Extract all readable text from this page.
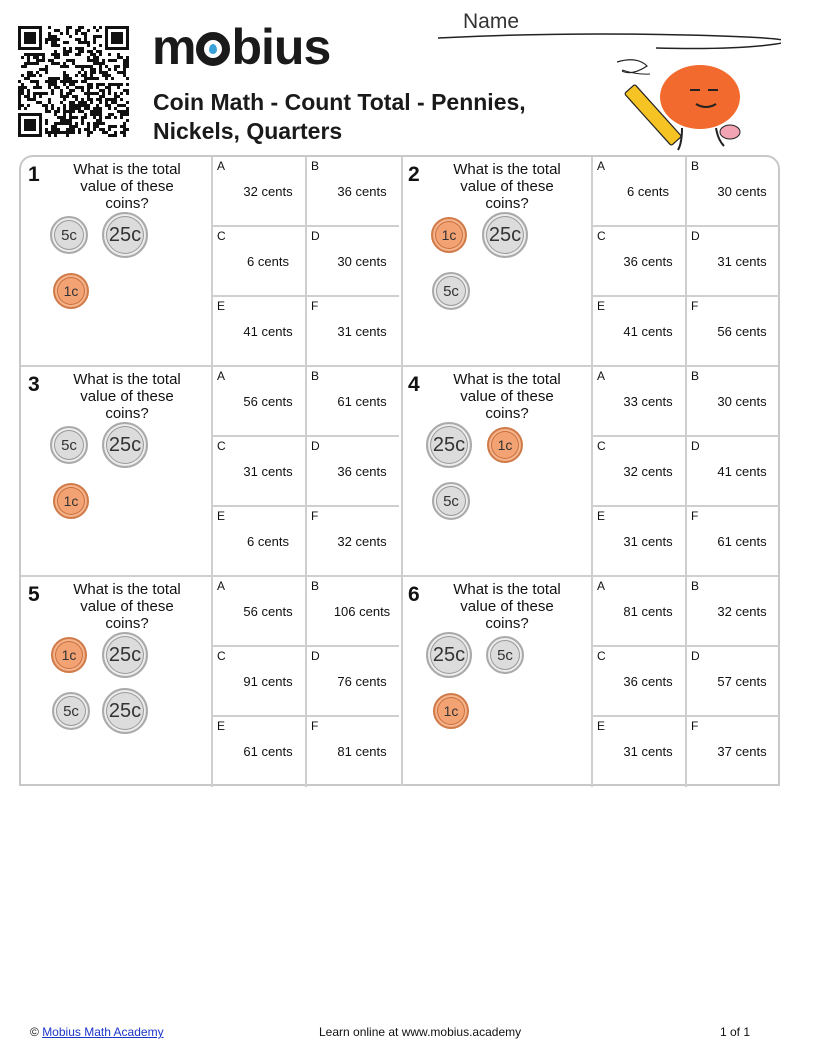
m bius
Coin Math - Count Total - Pennies, Nickels, Quarters
Name
1	What is the total value of these coins?
5c	25c
1c
A
32 cents
B
36 cents
C
6 cents
D
30 cents
E
41 cents
F
31 cents
2	What is the total value of these coins?
1c	25c
5c
A
6 cents
B
30 cents
C
36 cents
D
31 cents
E
41 cents
F
56 cents
3	What is the total value of these coins?
5c	25c
1c
A
56 cents
B
61 cents
C
31 cents
D
36 cents
E
6 cents
F
32 cents
4	What is the total value of these coins?
25c	1c
5c
A
33 cents
B
30 cents
C
32 cents
D
41 cents
E
31 cents
F
61 cents
5	What is the total value of these coins?
1c	25c
5c	25c
A
56 cents
B
106 cents
C
91 cents
D
76 cents
E
61 cents
F
81 cents
6	What is the total value of these coins?
25c	5c
1c
A
81 cents
B
32 cents
C
36 cents
D
57 cents
E
31 cents
F
37 cents
© Mobius Math Academy	Learn online at www.mobius.academy	1 of 1
